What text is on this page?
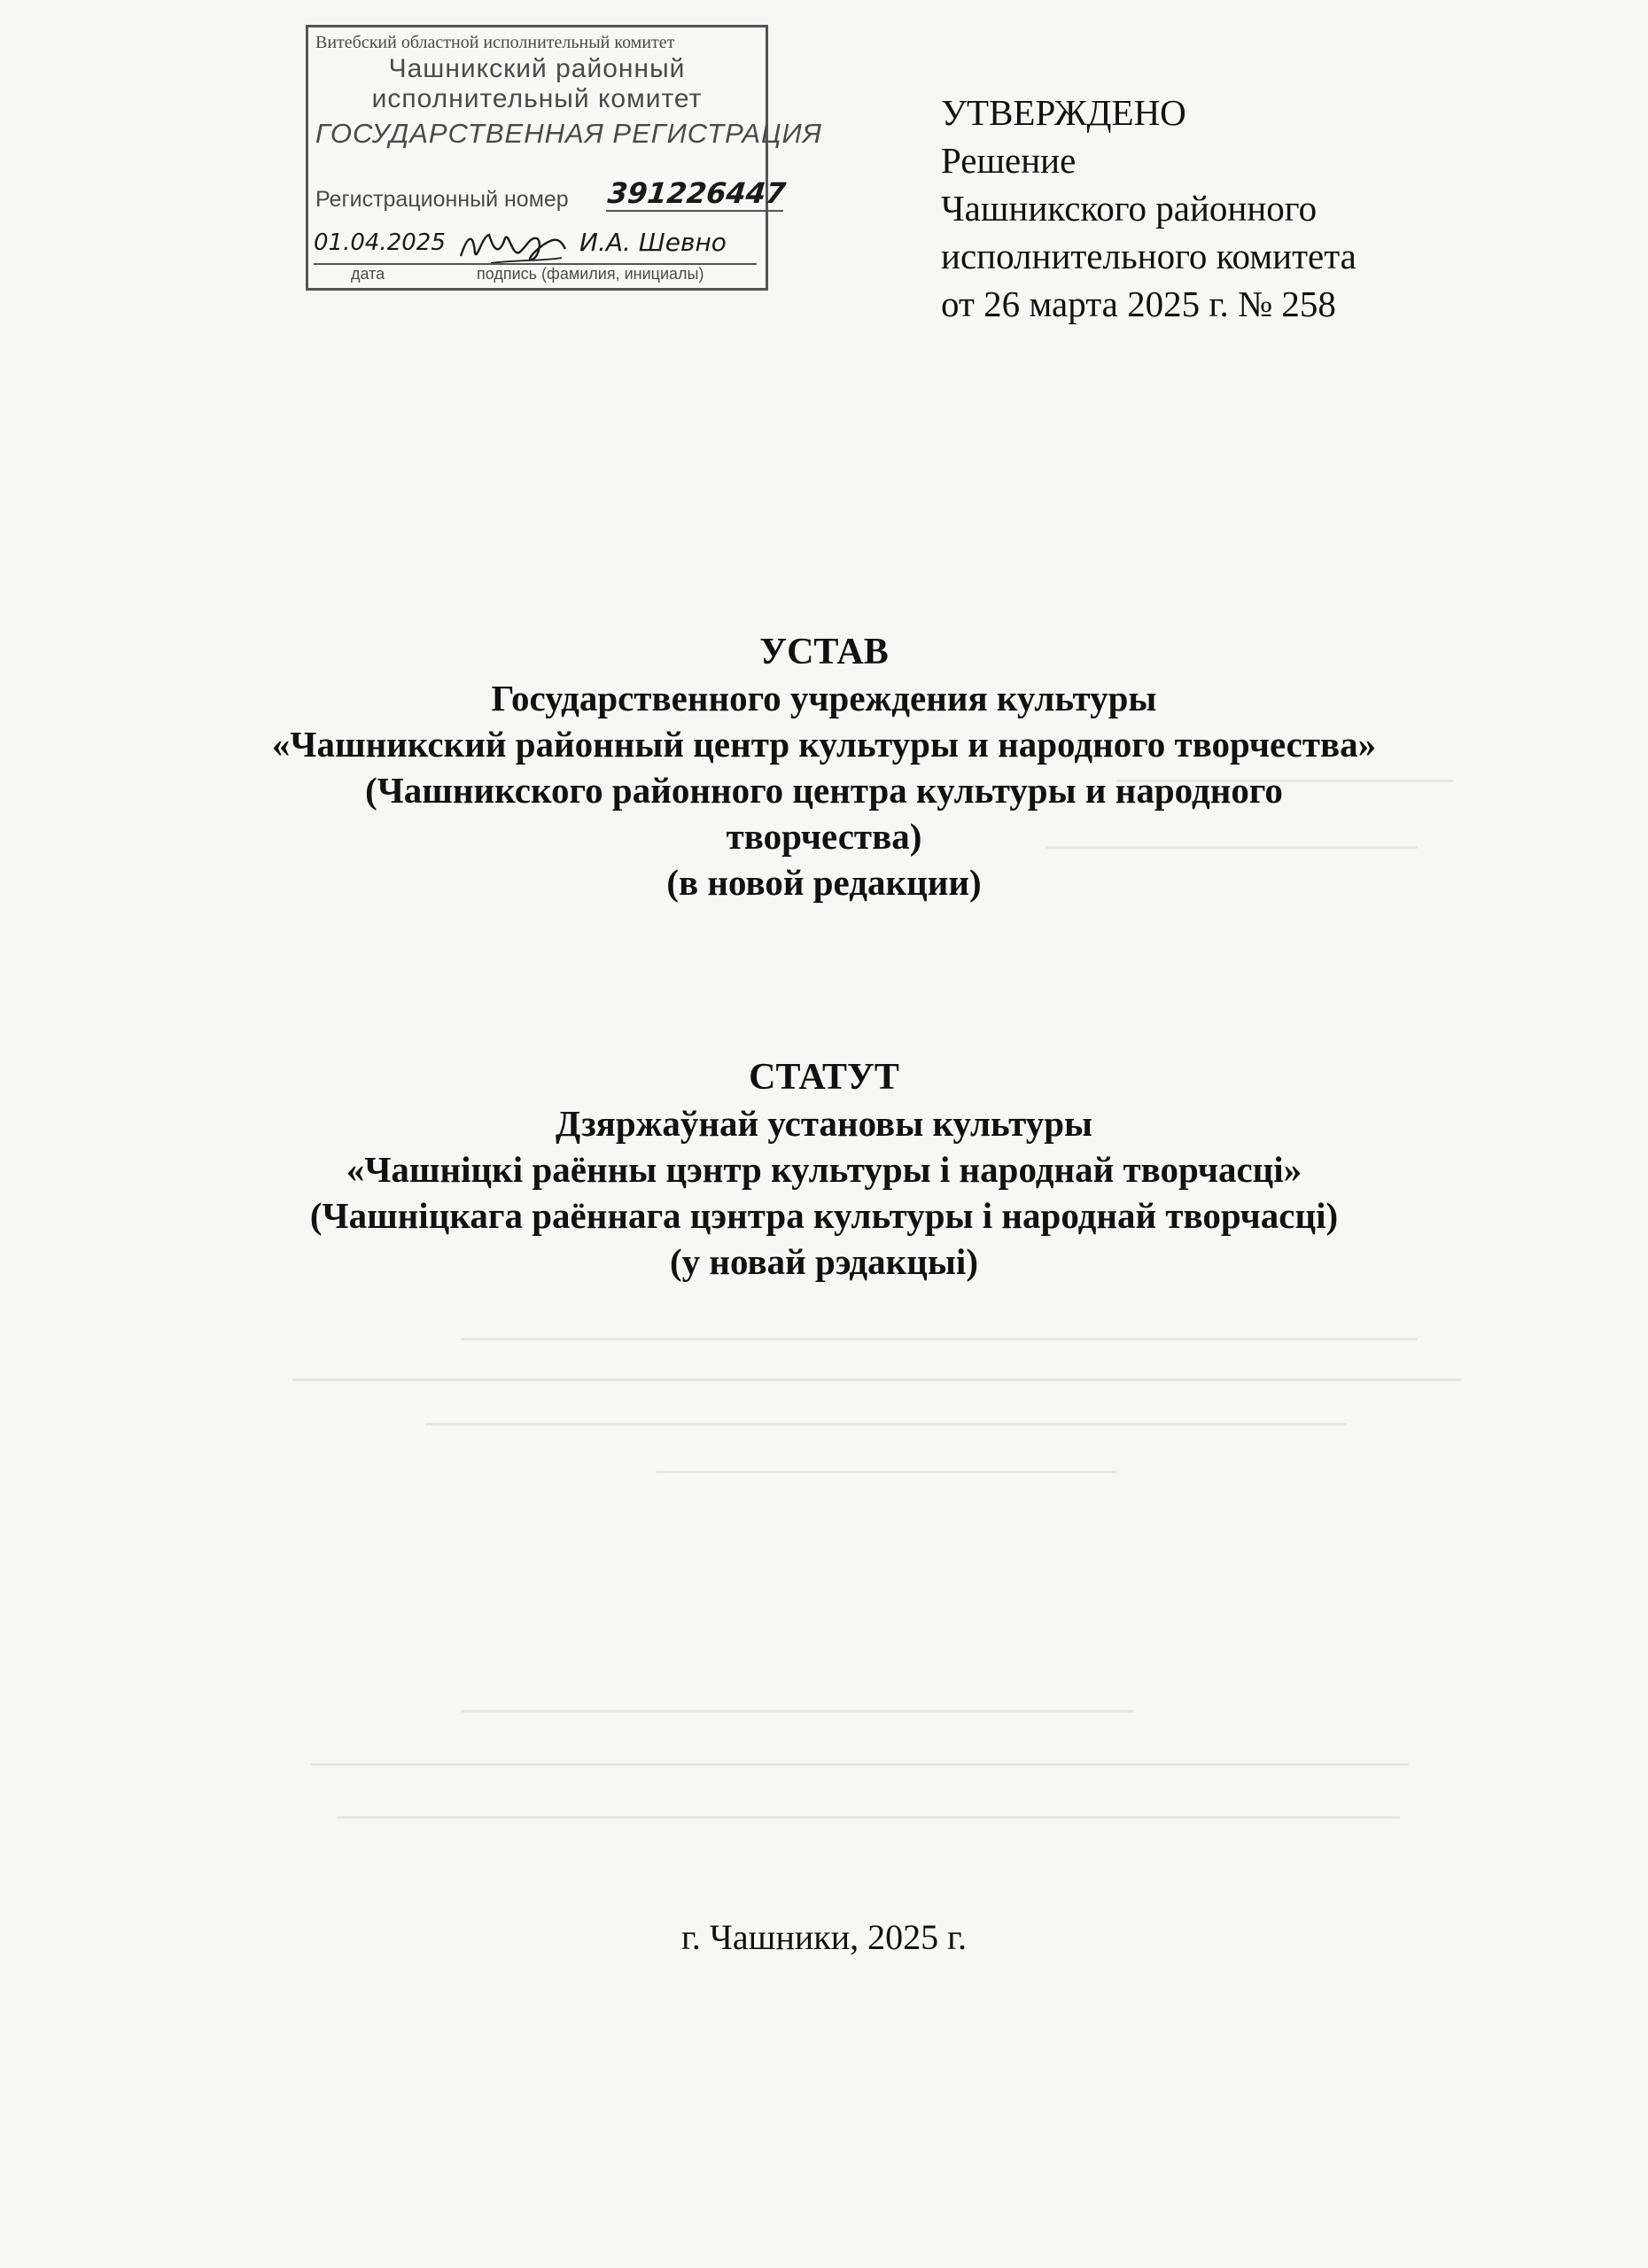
Витебский областной исполнительный комитет
Чашникский районный
исполнительный комитет
ГОСУДАРСТВЕННАЯ РЕГИСТРАЦИЯ
Регистрационный номер 391226447
01.04.2025	И.А. Шевно
дата	подпись (фамилия, инициалы)
УТВЕРЖДЕНО
Решение
Чашникского районного
исполнительного комитета
от 26 марта 2025 г. № 258
УСТАВ
Государственного учреждения культуры
«Чашникский районный центр культуры и народного творчества»
(Чашникского районного центра культуры и народного
творчества)
(в новой редакции)
СТАТУТ
Дзяржаўнай установы культуры
«Чашніцкі раённы цэнтр культуры і народнай творчасці»
(Чашніцкага раённага цэнтра культуры і народнай творчасці)
(у новай рэдакцыі)
г. Чашники, 2025 г.
